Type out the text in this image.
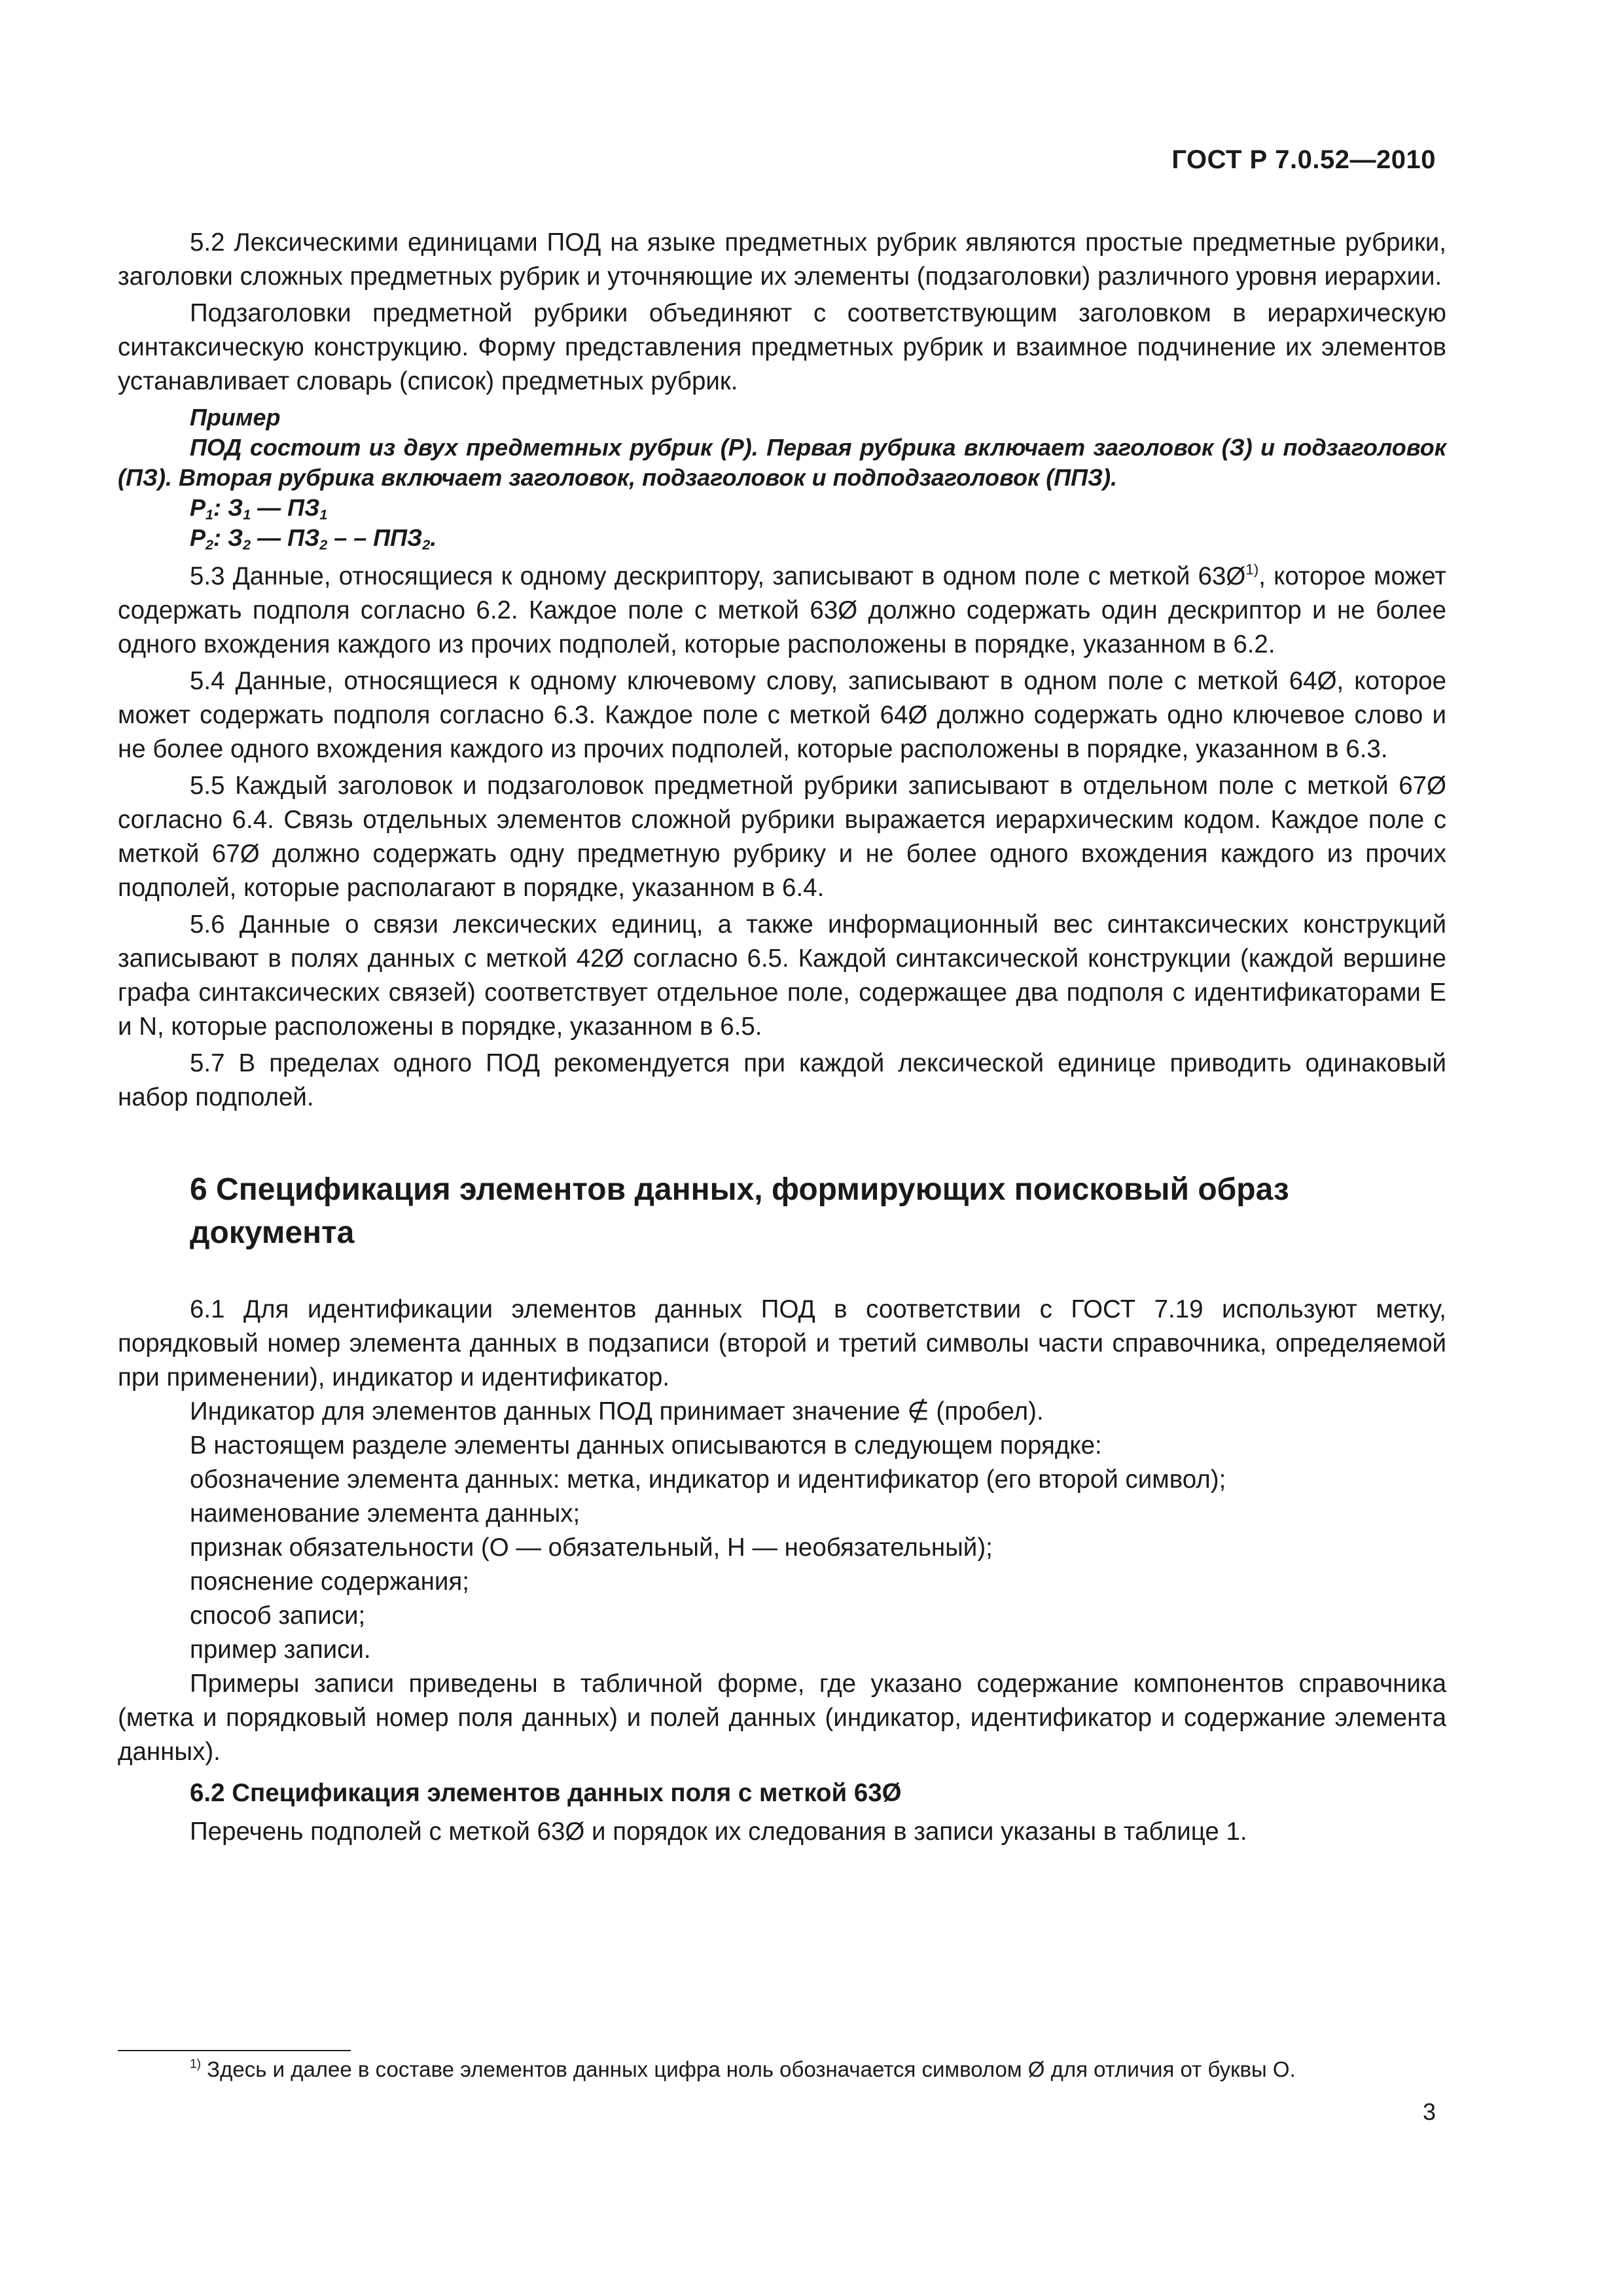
ГОСТ Р 7.0.52—2010

5.2 Лексическими единицами ПОД на языке предметных рубрик являются простые предметные рубрики, заголовки сложных предметных рубрик и уточняющие их элементы (подзаголовки) различного уровня иерархии.

Подзаголовки предметной рубрики объединяют с соответствующим заголовком в иерархическую синтаксическую конструкцию. Форму представления предметных рубрик и взаимное подчинение их элементов устанавливает словарь (список) предметных рубрик.

Пример

ПОД состоит из двух предметных рубрик (Р). Первая рубрика включает заголовок (З) и подзаголовок (ПЗ). Вторая рубрика включает заголовок, подзаголовок и подподзаголовок (ППЗ).

$Р_1$: $З_1$ — $ПЗ_1$
$Р_2$: $З_2$ — $ПЗ_2$ – – $ППЗ_2$.

5.3 Данные, относящиеся к одному дескриптору, записывают в одном поле с меткой $63Ø^{1)}$, которое может содержать подполя согласно 6.2. Каждое поле с меткой 63Ø должно содержать один дескриптор и не более одного вхождения каждого из прочих подполей, которые расположены в порядке, указанном в 6.2.

5.4 Данные, относящиеся к одному ключевому слову, записывают в одном поле с меткой 64Ø, которое может содержать подполя согласно 6.3. Каждое поле с меткой 64Ø должно содержать одно ключевое слово и не более одного вхождения каждого из прочих подполей, которые расположены в порядке, указанном в 6.3.

5.5 Каждый заголовок и подзаголовок предметной рубрики записывают в отдельном поле с меткой 67Ø согласно 6.4. Связь отдельных элементов сложной рубрики выражается иерархическим кодом. Каждое поле с меткой 67Ø должно содержать одну предметную рубрику и не более одного вхождения каждого из прочих подполей, которые располагают в порядке, указанном в 6.4.

5.6 Данные о связи лексических единиц, а также информационный вес синтаксических конструкций записывают в полях данных с меткой 42Ø согласно 6.5. Каждой синтаксической конструкции (каждой вершине графа синтаксических связей) соответствует отдельное поле, содержащее два подполя с идентификаторами Е и N, которые расположены в порядке, указанном в 6.5.

5.7 В пределах одного ПОД рекомендуется при каждой лексической единице приводить одинаковый набор подполей.

6 Спецификация элементов данных, формирующих поисковый образ документа

6.1 Для идентификации элементов данных ПОД в соответствии с ГОСТ 7.19 используют метку, порядковый номер элемента данных в подзаписи (второй и третий символы части справочника, определяемой при применении), индикатор и идентификатор.

Индикатор для элементов данных ПОД принимает значение ∉ (пробел).

В настоящем разделе элементы данных описываются в следующем порядке:

обозначение элемента данных: метка, индикатор и идентификатор (его второй символ);

наименование элемента данных;

признак обязательности (О — обязательный, Н — необязательный);

пояснение содержания;

способ записи;

пример записи.

Примеры записи приведены в табличной форме, где указано содержание компонентов справочника (метка и порядковый номер поля данных) и полей данных (индикатор, идентификатор и содержание элемента данных).

6.2 Спецификация элементов данных поля с меткой 63Ø

Перечень подполей с меткой 63Ø и порядок их следования в записи указаны в таблице 1.

$^{1)}$ Здесь и далее в составе элементов данных цифра ноль обозначается символом Ø для отличия от буквы О.
3
